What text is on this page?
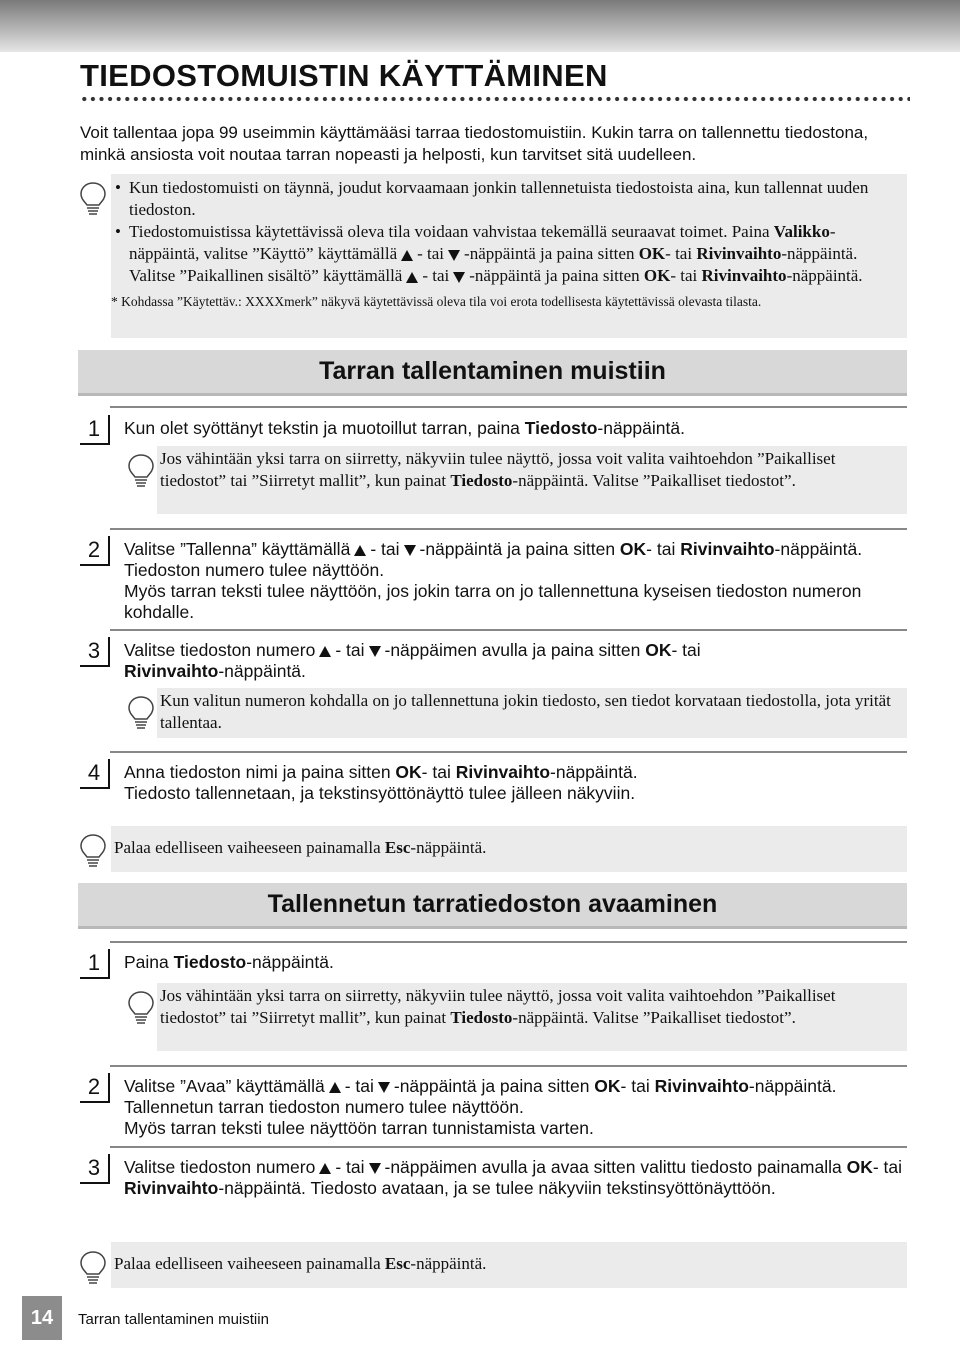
TIEDOSTOMUISTIN KÄYTTÄMINEN
Voit tallentaa jopa 99 useimmin käyttämääsi tarraa tiedostomuistiin. Kukin tarra on tallennettu tiedostona, minkä ansiosta voit noutaa tarran nopeasti ja helposti, kun tarvitset sitä uudelleen.
• Kun tiedostomuisti on täynnä, joudut korvaamaan jonkin tallennetuista tiedostoista aina, kun tallennat uuden tiedoston.
• Tiedostomuistissa käytettävissä oleva tila voidaan vahvistaa tekemällä seuraavat toimet. Paina Valikko-näppäintä, valitse ”Käyttö” käyttämällä - tai -näppäintä ja paina sitten OK- tai Rivinvaihto-näppäintä. Valitse ”Paikallinen sisältö” käyttämällä - tai -näppäintä ja paina sitten OK- tai Rivinvaihto-näppäintä.
* Kohdassa ”Käytettäv.: XXXXmerk” näkyvä käytettävissä oleva tila voi erota todellisesta käytettävissä olevasta tilasta.
Tarran tallentaminen muistiin
1	Kun olet syöttänyt tekstin ja muotoillut tarran, paina Tiedosto-näppäintä.
Jos vähintään yksi tarra on siirretty, näkyviin tulee näyttö, jossa voit valita vaihtoehdon ”Paikalliset tiedostot” tai ”Siirretyt mallit”, kun painat Tiedosto-näppäintä. Valitse ”Paikalliset tiedostot”.
2	Valitse ”Tallenna” käyttämällä - tai -näppäintä ja paina sitten OK- tai Rivinvaihto-näppäintä. Tiedoston numero tulee näyttöön.
Myös tarran teksti tulee näyttöön, jos jokin tarra on jo tallennettuna kyseisen tiedoston numeron kohdalle.
3	Valitse tiedoston numero - tai -näppäimen avulla ja paina sitten OK- tai
Rivinvaihto-näppäintä.
Kun valitun numeron kohdalla on jo tallennettuna jokin tiedosto, sen tiedot korvataan tiedostolla, jota yrität tallentaa.
4	Anna tiedoston nimi ja paina sitten OK- tai Rivinvaihto-näppäintä.
Tiedosto tallennetaan, ja tekstinsyöttönäyttö tulee jälleen näkyviin.
Palaa edelliseen vaiheeseen painamalla Esc-näppäintä.
Tallennetun tarratiedoston avaaminen
1	Paina Tiedosto-näppäintä.
Jos vähintään yksi tarra on siirretty, näkyviin tulee näyttö, jossa voit valita vaihtoehdon ”Paikalliset tiedostot” tai ”Siirretyt mallit”, kun painat Tiedosto-näppäintä. Valitse ”Paikalliset tiedostot”.
2	Valitse ”Avaa” käyttämällä - tai -näppäintä ja paina sitten OK- tai Rivinvaihto-näppäintä. Tallennetun tarran tiedoston numero tulee näyttöön.
Myös tarran teksti tulee näyttöön tarran tunnistamista varten.
3	Valitse tiedoston numero - tai -näppäimen avulla ja avaa sitten valittu tiedosto painamalla OK- tai Rivinvaihto-näppäintä. Tiedosto avataan, ja se tulee näkyviin tekstinsyöttönäyttöön.
Palaa edelliseen vaiheeseen painamalla Esc-näppäintä.
14	Tarran tallentaminen muistiin
